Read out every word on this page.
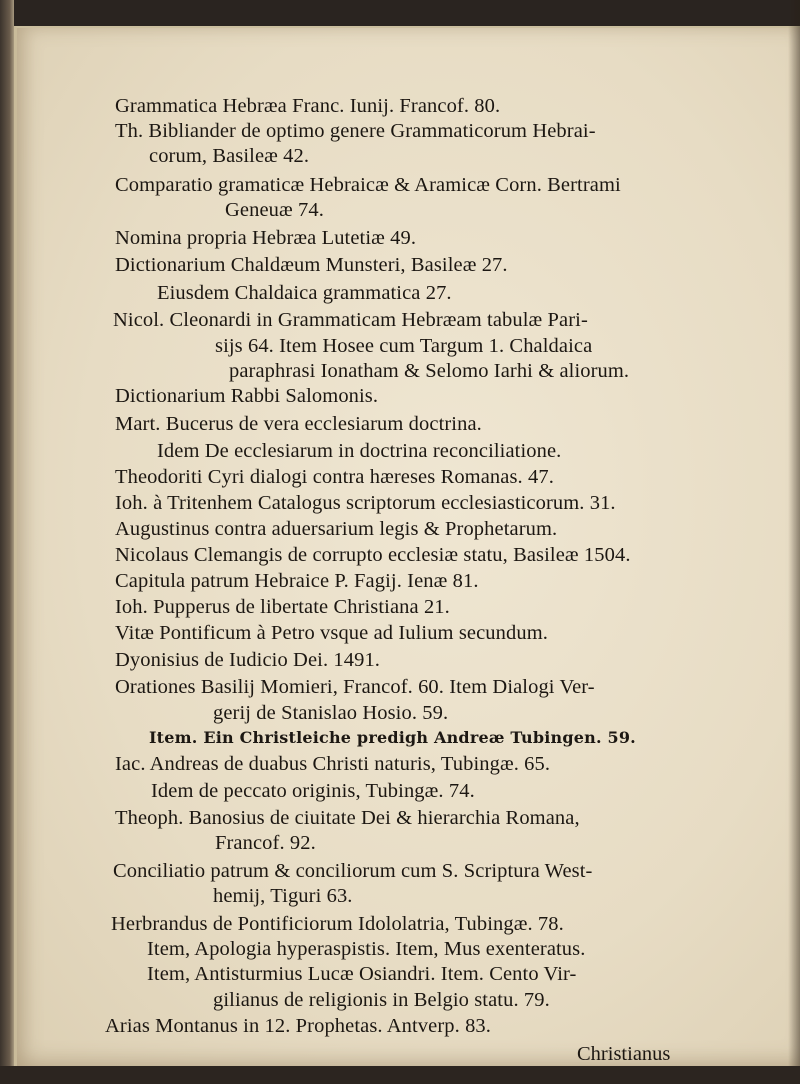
Grammatica Hebræa Franc. Iunij. Francof. 80.
Th. Bibliander de optimo genere Grammaticorum Hebrai-
corum, Basileæ 42.
Comparatio gramaticæ Hebraicæ & Aramicæ Corn. Bertrami
Geneuæ 74.
Nomina propria Hebræa Lutetiæ 49.
Dictionarium Chaldæum Munsteri, Basileæ 27.
Eiusdem Chaldaica grammatica 27.
Nicol. Cleonardi in Grammaticam Hebræam tabulæ Pari-
sijs 64. Item Hosee cum Targum 1. Chaldaica
paraphrasi Ionatham & Selomo Iarhi & aliorum.
Dictionarium Rabbi Salomonis.
Mart. Bucerus de vera ecclesiarum doctrina.
Idem De ecclesiarum in doctrina reconciliatione.
Theodoriti Cyri dialogi contra hæreses Romanas. 47.
Ioh. à Tritenhem Catalogus scriptorum ecclesiasticorum. 31.
Augustinus contra aduersarium legis & Prophetarum.
Nicolaus Clemangis de corrupto ecclesiæ statu, Basileæ 1504.
Capitula patrum Hebraice P. Fagij. Ienæ 81.
Ioh. Pupperus de libertate Christiana 21.
Vitæ Pontificum à Petro vsque ad Iulium secundum.
Dyonisius de Iudicio Dei. 1491.
Orationes Basilij Momieri, Francof. 60. Item Dialogi Ver-
gerij de Stanislao Hosio. 59.
Item. Ein Christleiche predigh Andreæ Tubingen. 59.
Iac. Andreas de duabus Christi naturis, Tubingæ. 65.
Idem de peccato originis, Tubingæ. 74.
Theoph. Banosius de ciuitate Dei & hierarchia Romana,
Francof. 92.
Conciliatio patrum & conciliorum cum S. Scriptura West-
hemij, Tiguri 63.
Herbrandus de Pontificiorum Idololatria, Tubingæ. 78.
Item, Apologia hyperaspistis. Item, Mus exenteratus.
Item, Antisturmius Lucæ Osiandri. Item. Cento Vir-
gilianus de religionis in Belgio statu. 79.
Arias Montanus in 12. Prophetas. Antverp. 83.
Christianus
